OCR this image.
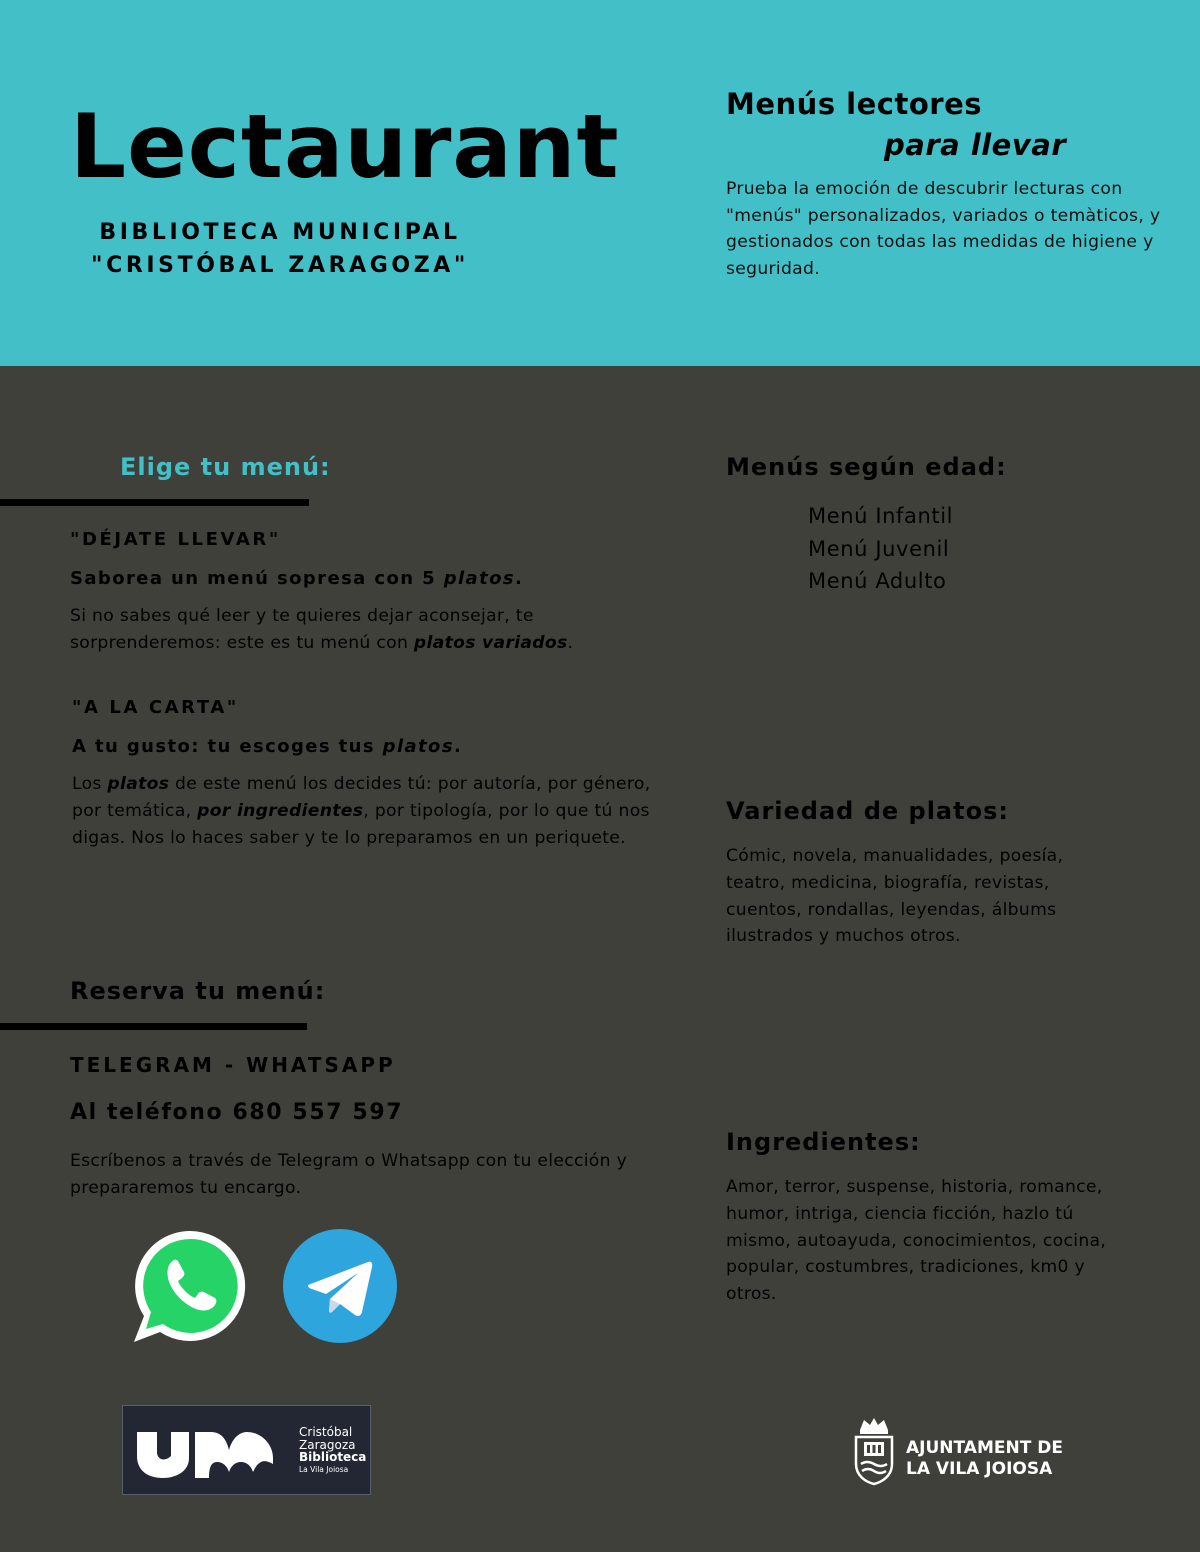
Lectaurant
BIBLIOTECA MUNICIPAL
"CRISTÓBAL ZARAGOZA"
Menús lectores
para llevar
Prueba la emoción de descubrir lecturas con "menús" personalizados, variados o temàticos, y gestionados con todas las medidas de higiene y seguridad.
Elige tu menú:
"DÉJATE LLEVAR"
Saborea un menú sopresa con 5 platos.
Si no sabes qué leer y te quieres dejar aconsejar, te sorprenderemos: este es tu menú con platos variados.
"A LA CARTA"
A tu gusto: tu escoges tus platos.
Los platos de este menú los decides tú: por autoría, por género, por temática, por ingredientes, por tipología, por lo que tú nos digas. Nos lo haces saber y te lo preparamos en un periquete.
Reserva tu menú:
TELEGRAM - WHATSAPP
Al teléfono 680 557 597
Escríbenos a través de Telegram o Whatsapp con tu elección y prepararemos tu encargo.
Cristóbal
Zaragoza
Biblioteca
La Vila Joiosa
AJUNTAMENT DE
LA VILA JOIOSA
Menús según edad:
Menú Infantil
Menú Juvenil
Menú Adulto
Variedad de platos:
Cómic, novela, manualidades, poesía, teatro, medicina, biografía, revistas, cuentos, rondallas, leyendas, álbums ilustrados y muchos otros.
Ingredientes:
Amor, terror, suspense, historia, romance, humor, intriga, ciencia ficción, hazlo tú mismo, autoayuda, conocimientos, cocina, popular, costumbres, tradiciones, km0 y otros.
